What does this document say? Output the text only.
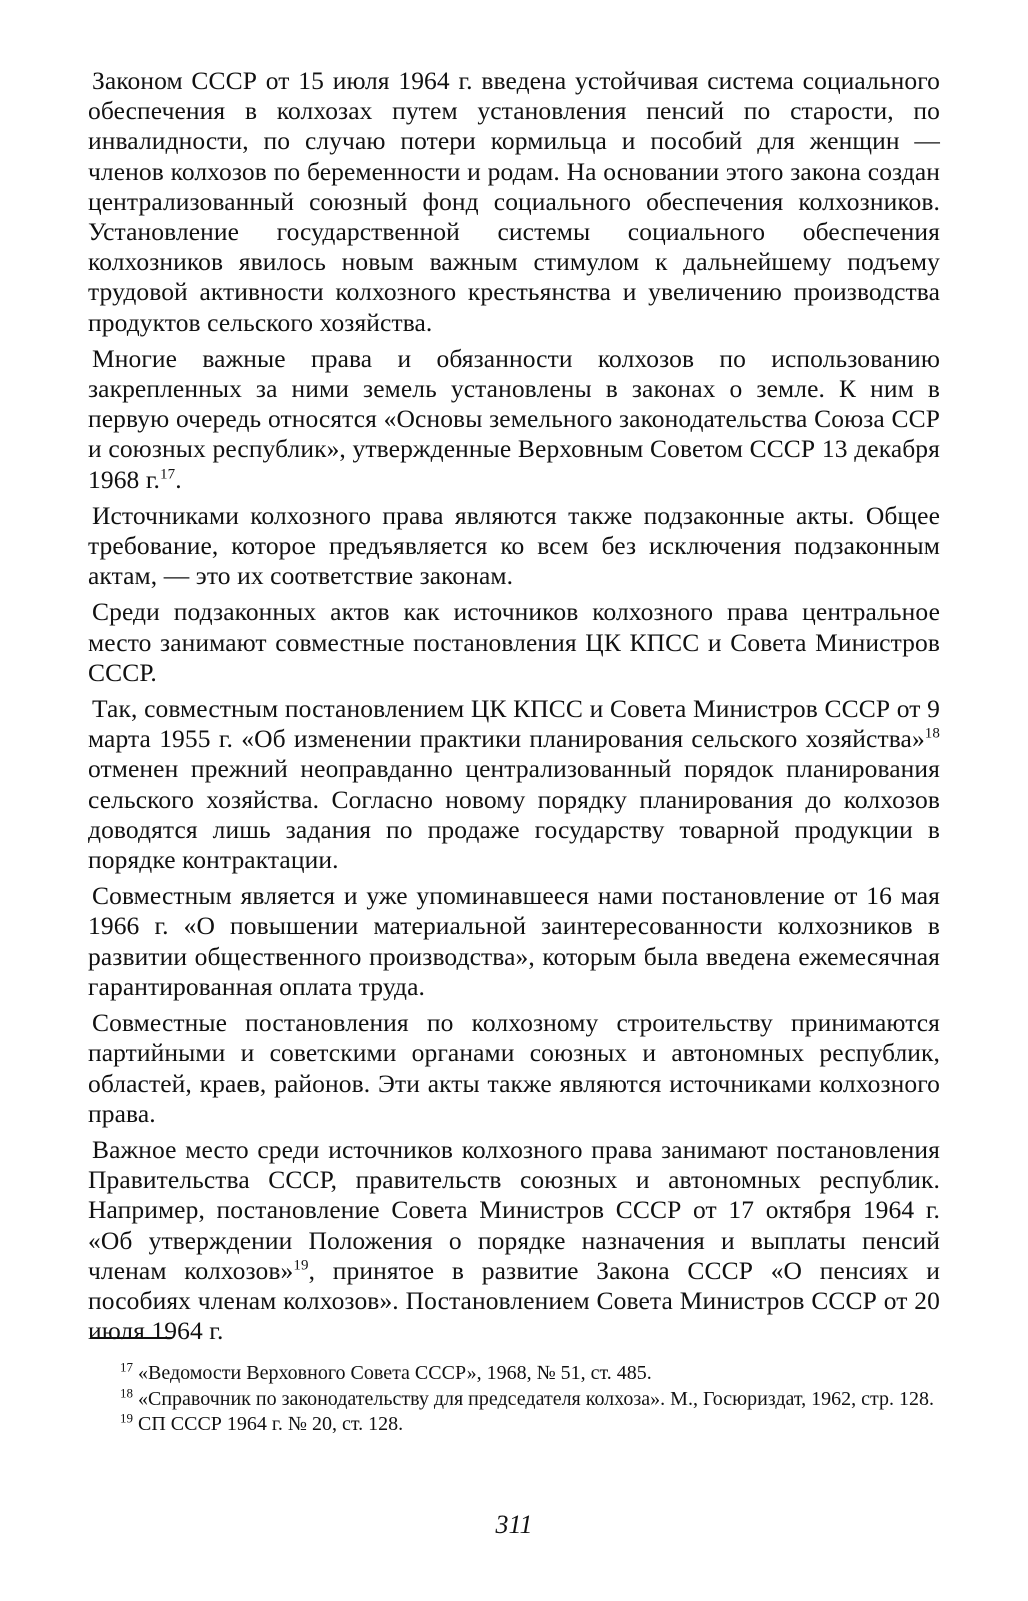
Законом СССР от 15 июля 1964 г. введена устойчивая система социального обеспечения в колхозах путем установления пенсий по старости, по инвалидности, по случаю потери кормильца и пособий для женщин — членов колхозов по беременности и родам. На основании этого закона создан централизованный союзный фонд социального обеспечения колхозников. Установление государственной системы социального обеспечения колхозников явилось новым важным стимулом к дальнейшему подъему трудовой активности колхозного крестьянства и увеличению производства продуктов сельского хозяйства.

Многие важные права и обязанности колхозов по использованию закрепленных за ними земель установлены в законах о земле. К ним в первую очередь относятся «Основы земельного законодательства Союза ССР и союзных республик», утвержденные Верховным Советом СССР 13 декабря 1968 г.$^{17}$.

Источниками колхозного права являются также подзаконные акты. Общее требование, которое предъявляется ко всем без исключения подзаконным актам, — это их соответствие законам.

Среди подзаконных актов как источников колхозного права центральное место занимают совместные постановления ЦК КПСС и Совета Министров СССР.

Так, совместным постановлением ЦК КПСС и Совета Министров СССР от 9 марта 1955 г. «Об изменении практики планирования сельского хозяйства»$^{18}$ отменен прежний неоправданно централизованный порядок планирования сельского хозяйства. Согласно новому порядку планирования до колхозов доводятся лишь задания по продаже государству товарной продукции в порядке контрактации.

Совместным является и уже упоминавшееся нами постановление от 16 мая 1966 г. «О повышении материальной заинтересованности колхозников в развитии общественного производства», которым была введена ежемесячная гарантированная оплата труда.

Совместные постановления по колхозному строительству принимаются партийными и советскими органами союзных и автономных республик, областей, краев, районов. Эти акты также являются источниками колхозного права.

Важное место среди источников колхозного права занимают постановления Правительства СССР, правительств союзных и автономных республик. Например, постановление Совета Министров СССР от 17 октября 1964 г. «Об утверждении Положения о порядке назначения и выплаты пенсий членам колхозов»$^{19}$, принятое в развитие Закона СССР «О пенсиях и пособиях членам колхозов». Постановлением Совета Министров СССР от 20 июля 1964 г.

$^{17}$ «Ведомости Верховного Совета СССР», 1968, № 51, ст. 485.

$^{18}$ «Справочник по законодательству для председателя колхоза». М., Госюриздат, 1962, стр. 128.

$^{19}$ СП СССР 1964 г. № 20, ст. 128.

311
